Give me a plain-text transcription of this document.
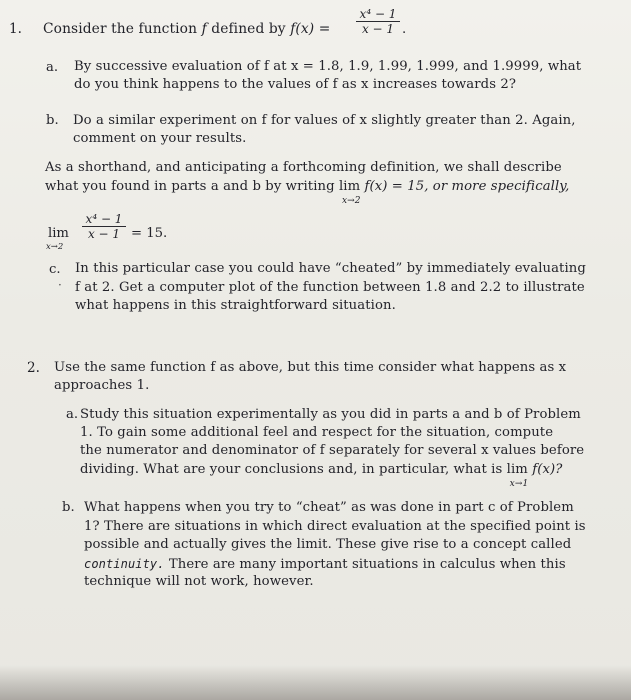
1. Consider the function f defined by f(x) =
x⁴ − 1
x − 1 .
a. By successive evaluation of f at x = 1.8, 1.9, 1.99, 1.999, and 1.9999, what
do you think happens to the values of f as x increases towards 2?
b. Do a similar experiment on f for values of x slightly greater than 2. Again,
comment on your results.
As a shorthand, and anticipating a forthcoming definition, we shall describe
what you found in parts a and b by writing lim
x→2
f(x) = 15, or more specifically,
lim
x→2
x⁴ − 1
x − 1 = 15.
c. In this particular case you could have “cheated” by immediately evaluating
· f at 2. Get a computer plot of the function between 1.8 and 2.2 to illustrate
what happens in this straightforward situation.
2. Use the same function f as above, but this time consider what happens as x
approaches 1.
a. Study this situation experimentally as you did in parts a and b of Problem
1. To gain some additional feel and respect for the situation, compute
the numerator and denominator of f separately for several x values before
dividing. What are your conclusions and, in particular, what is lim
x→1
f(x)?
b. What happens when you try to “cheat” as was done in part c of Problem
1? There are situations in which direct evaluation at the specified point is
possible and actually gives the limit. These give rise to a concept called
continuity. There are many important situations in calculus when this
technique will not work, however.
